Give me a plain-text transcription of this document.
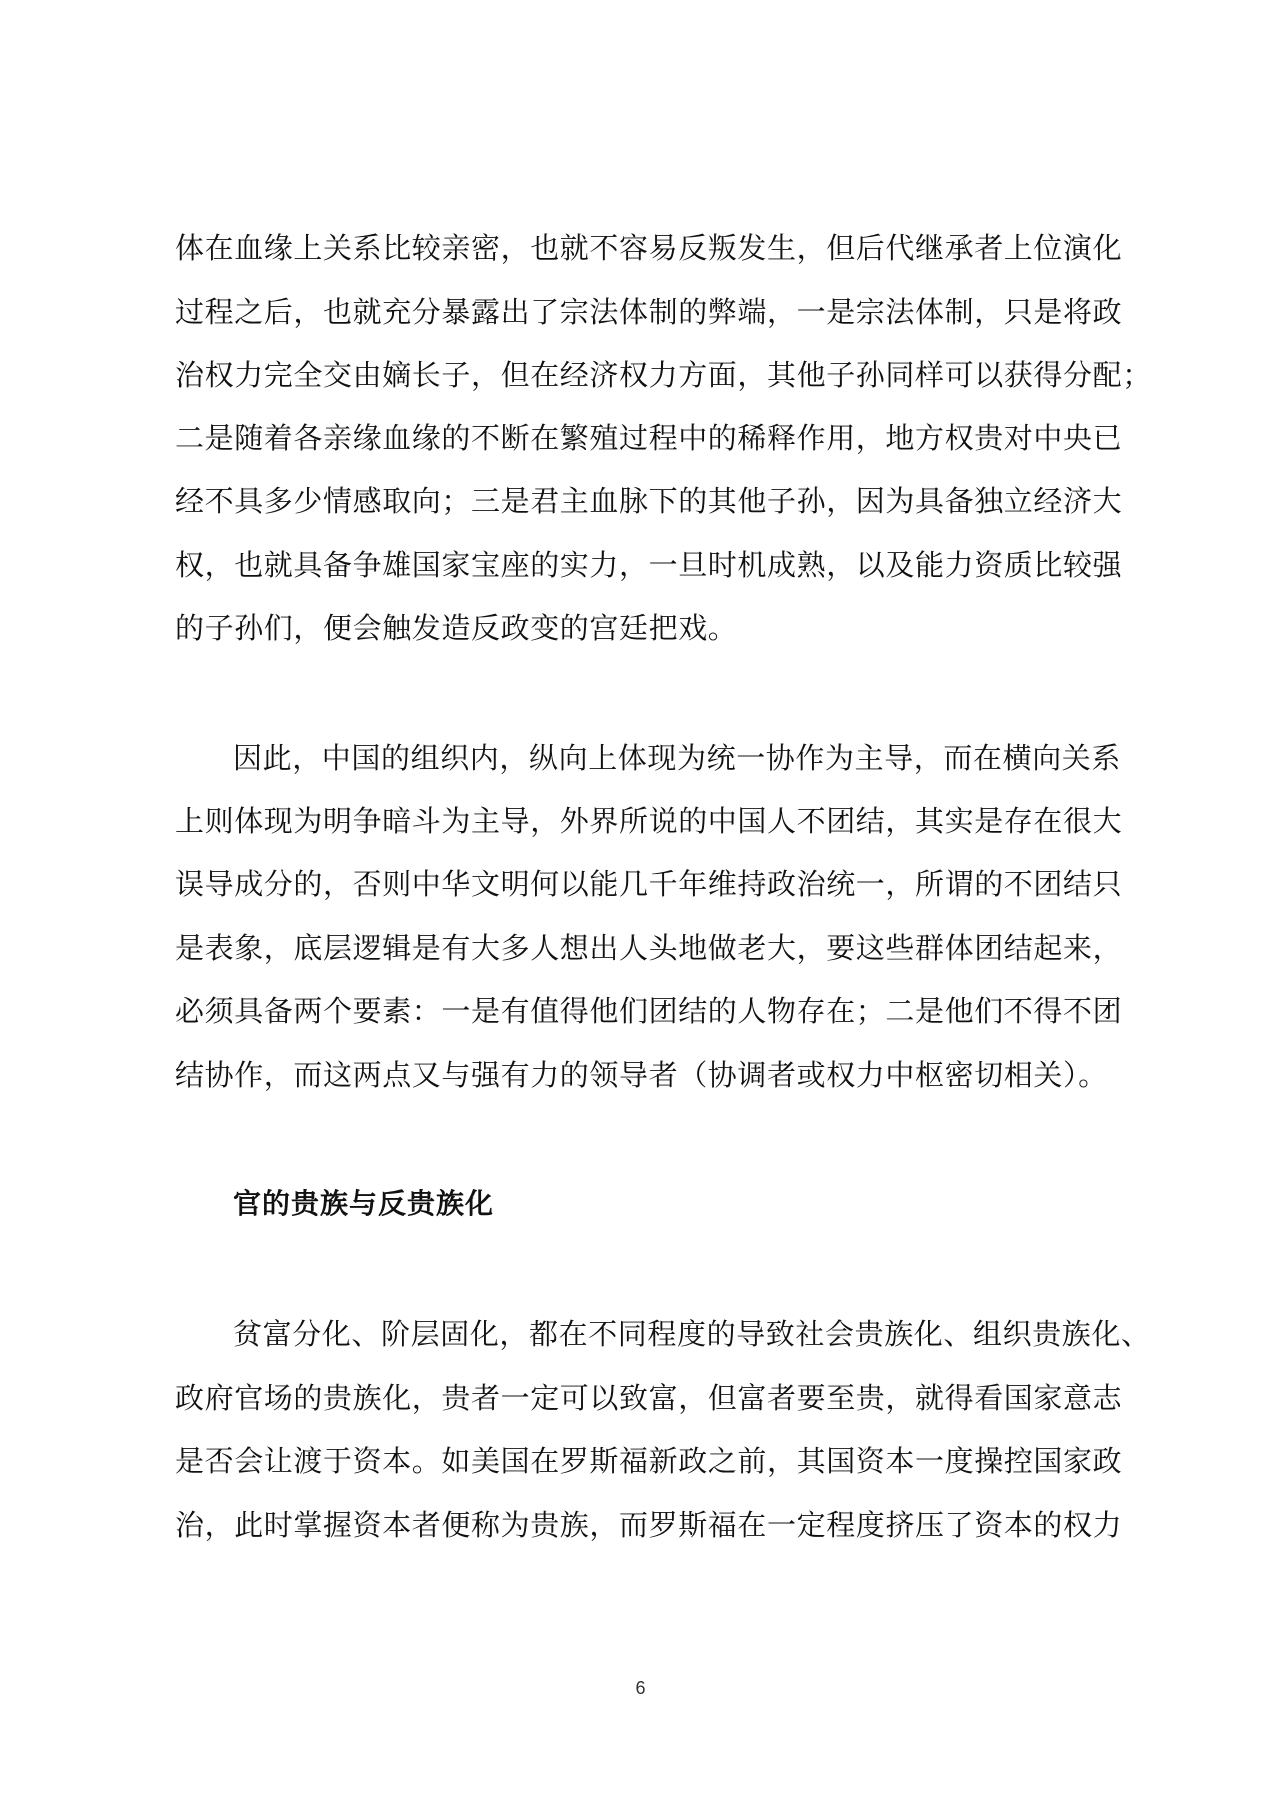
体在血缘上关系比较亲密，也就不容易反叛发生，但后代继承者上位演化
过程之后，也就充分暴露出了宗法体制的弊端，一是宗法体制，只是将政
治权力完全交由嫡长子，但在经济权力方面，其他子孙同样可以获得分配；
二是随着各亲缘血缘的不断在繁殖过程中的稀释作用，地方权贵对中央已
经不具多少情感取向；三是君主血脉下的其他子孙，因为具备独立经济大
权，也就具备争雄国家宝座的实力，一旦时机成熟，以及能力资质比较强
的子孙们，便会触发造反政变的宫廷把戏。
因此，中国的组织内，纵向上体现为统一协作为主导，而在横向关系
上则体现为明争暗斗为主导，外界所说的中国人不团结，其实是存在很大
误导成分的，否则中华文明何以能几千年维持政治统一，所谓的不团结只
是表象，底层逻辑是有大多人想出人头地做老大，要这些群体团结起来，
必须具备两个要素：一是有值得他们团结的人物存在；二是他们不得不团
结协作，而这两点又与强有力的领导者（协调者或权力中枢密切相关）。
官的贵族与反贵族化
贫富分化、阶层固化，都在不同程度的导致社会贵族化、组织贵族化、
政府官场的贵族化，贵者一定可以致富，但富者要至贵，就得看国家意志
是否会让渡于资本。如美国在罗斯福新政之前，其国资本一度操控国家政
治，此时掌握资本者便称为贵族，而罗斯福在一定程度挤压了资本的权力
6
